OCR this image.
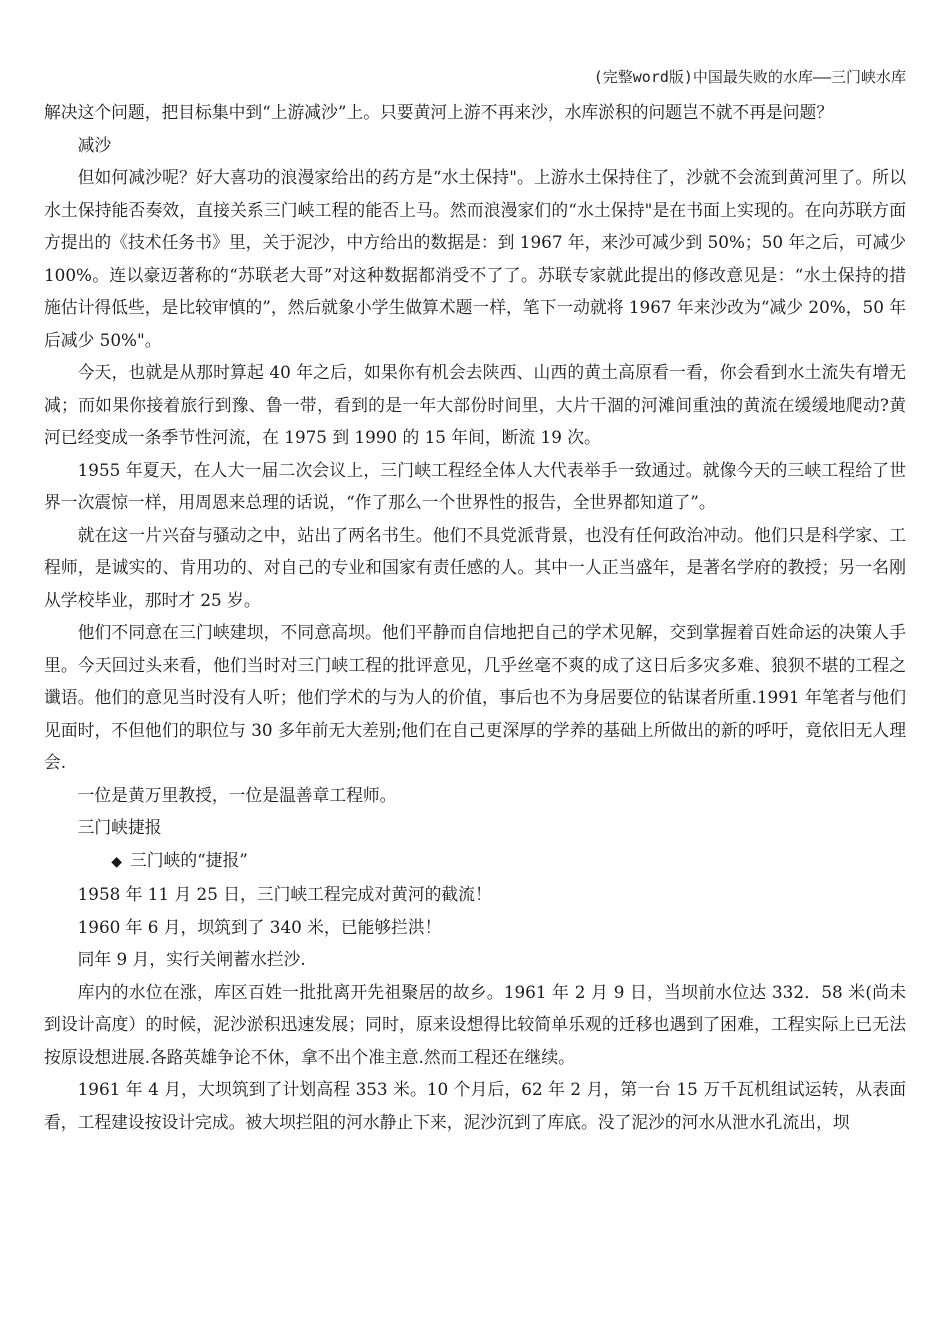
(完整word版)中国最失败的水库——三门峡水库

解决这个问题，把目标集中到“上游减沙”上。只要黄河上游不再来沙，水库淤积的问题岂不就不再是问题？

减沙

但如何减沙呢？好大喜功的浪漫家给出的药方是“水土保持"。上游水土保持住了，沙就不会流到黄河里了。所以水土保持能否奏效，直接关系三门峡工程的能否上马。然而浪漫家们的“水土保持"是在书面上实现的。在向苏联方面方提出的《技术任务书》里，关于泥沙，中方给出的数据是：到 1967 年，来沙可减少到 50%；50 年之后，可减少 100%。连以豪迈著称的“苏联老大哥”对这种数据都消受不了了。苏联专家就此提出的修改意见是：“水土保持的措施估计得低些，是比较审慎的”，然后就象小学生做算术题一样，笔下一动就将 1967 年来沙改为“减少 20%，50 年后减少 50%"。

今天，也就是从那时算起 40 年之后，如果你有机会去陕西、山西的黄土高原看一看，你会看到水土流失有增无减；而如果你接着旅行到豫、鲁一带，看到的是一年大部份时间里，大片干涸的河滩间重浊的黄流在缓缓地爬动?黄河已经变成一条季节性河流，在 1975 到 1990 的 15 年间，断流 19 次。

1955 年夏天，在人大一届二次会议上，三门峡工程经全体人大代表举手一致通过。就像今天的三峡工程给了世界一次震惊一样，用周恩来总理的话说，“作了那么一个世界性的报告，全世界都知道了”。

就在这一片兴奋与骚动之中，站出了两名书生。他们不具党派背景，也没有任何政治冲动。他们只是科学家、工程师，是诚实的、肯用功的、对自己的专业和国家有责任感的人。其中一人正当盛年，是著名学府的教授；另一名刚从学校毕业，那时才 25 岁。

他们不同意在三门峡建坝，不同意高坝。他们平静而自信地把自己的学术见解，交到掌握着百姓命运的决策人手里。今天回过头来看，他们当时对三门峡工程的批评意见，几乎丝毫不爽的成了这日后多灾多难、狼狈不堪的工程之谶语。他们的意见当时没有人听；他们学术的与为人的价值，事后也不为身居要位的钻谋者所重.1991 年笔者与他们见面时，不但他们的职位与 30 多年前无大差别;他们在自己更深厚的学养的基础上所做出的新的呼吁，竟依旧无人理会.

一位是黄万里教授，一位是温善章工程师。

三门峡捷报

◆ 三门峡的“捷报”

1958 年 11 月 25 日，三门峡工程完成对黄河的截流！

1960 年 6 月，坝筑到了 340 米，已能够拦洪！

同年 9 月，实行关闸蓄水拦沙.

库内的水位在涨，库区百姓一批批离开先祖聚居的故乡。1961 年 2 月 9 日，当坝前水位达 332．58 米(尚未到设计高度）的时候，泥沙淤积迅速发展；同时，原来设想得比较简单乐观的迁移也遇到了困难，工程实际上已无法按原设想进展.各路英雄争论不休，拿不出个准主意.然而工程还在继续。

1961 年 4 月，大坝筑到了计划高程 353 米。10 个月后，62 年 2 月，第一台 15 万千瓦机组试运转，从表面看，工程建设按设计完成。被大坝拦阻的河水静止下来，泥沙沉到了库底。没了泥沙的河水从泄水孔流出，坝
